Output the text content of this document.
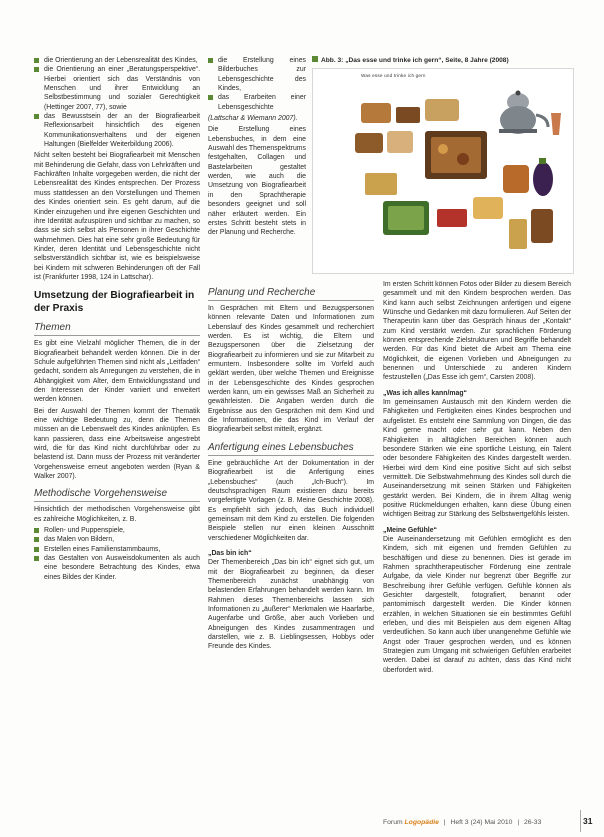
die Orientierung an der Lebensrealität des Kindes,
die Orientierung an einer „Beratungsperspektive“. Hierbei orientiert sich das Verständnis von Menschen und ihrer Entwicklung an Selbstbestimmung und sozialer Gerechtigkeit (Hettinger 2007, 77), sowie
das Bewusstsein der an der Biografiearbeit Reflexionsarbeit hinsichtlich des eigenen Kommunikationsverhaltens und der eigenen Haltungen (Bielfelder Weiterbildung 2006).

Nicht selten besteht bei Biografiearbeit mit Menschen mit Behinderung die Gefahr, dass von Lehrkräften und Fachkräften Inhalte vorgegeben werden, die nicht der Lebensrealität des Kindes entsprechen. Der Prozess muss stattdessen an den Vorstellungen und Themen des Kindes orientiert sein. Es geht darum, auf die Kinder einzugehen und ihre eigenen Geschichten und ihre Identität aufzuspüren und sichtbar zu machen, so dass sie sich selbst als Personen in ihrer Geschichte wahrnehmen. Dies hat eine sehr große Bedeutung für Kinder, deren Identität und Lebensgeschichte nicht selbstverständlich sichtbar ist, wie es beispielsweise bei Kindern mit schweren Behinderungen oft der Fall ist (Frankfurter 1998, 124 in Lattschar).

Umsetzung der Biografiearbeit in der Praxis
Themen

Es gibt eine Vielzahl möglicher Themen, die in der Biografiearbeit behandelt werden können. Die in der Schule aufgeführten Themen sind nicht als „Leitfaden“ gedacht, sondern als Anregungen zu verstehen, die in Abhängigkeit vom Alter, dem Entwicklungsstand und den Interessen der Kinder variiert und erweitert werden können.

Bei der Auswahl der Themen kommt der Thematik eine wichtige Bedeutung zu, denn die Themen müssen an die Lebenswelt des Kindes anknüpfen. Es kann passieren, dass eine Arbeitsweise angestrebt wird, die für das Kind nicht durchführbar oder zu belastend ist. Dann muss der Prozess mit veränderter Vorgehensweise erneut angeboten werden (Ryan & Walker 2007).

Methodische Vorgehensweise

Hinsichtlich der methodischen Vorgehensweise gibt es zahlreiche Möglichkeiten, z. B.

Rollen- und Puppenspiele,
das Malen von Bildern,
Erstellen eines Familienstammbaums,
das Gestalten von Ausweisdokumenten als auch eine besondere Betrachtung des Kindes, etwa eines Bildes der Kinder.
die Erstellung eines Bilderbuches zur Lebensgeschichte des Kindes,
das Erarbeiten einer Lebensgeschichte

(Lattschar & Wiemann 2007).

Die Erstellung eines Lebensbuches, in dem eine Auswahl des Themenspektrums festgehalten, Collagen und Bastelarbeiten gestaltet werden, wie auch die Umsetzung von Biografiearbeit in den Sprachtherapie besonders geeignet und soll näher erläutert werden. Ein erstes Schritt besteht stets in der Planung und Recherche.

Abb. 3: „Das esse und trinke ich gern“, Seite, 8 Jahre (2008)
Was esse und trinke ich gern
Planung und Recherche

In Gesprächen mit Eltern und Bezugspersonen können relevante Daten und Informationen zum Lebenslauf des Kindes gesammelt und recherchiert werden. Es ist wichtig, die Eltern und Bezugspersonen über die Zielsetzung der Biografiearbeit zu informieren und sie zur Mitarbeit zu ermuntern. Insbesondere sollte im Vorfeld auch geklärt werden, über welche Themen und Ereignisse in der Lebensgeschichte des Kindes gesprochen werden kann, um ein gewisses Maß an Sicherheit zu gewährleisten. Die Angaben werden durch die Ergebnisse aus den Gesprächen mit dem Kind und die Informationen, die das Kind im Verlauf der Biografiearbeit selbst mitteilt, ergänzt.

Anfertigung eines Lebensbuches

Eine gebräuchliche Art der Dokumentation in der Biografiearbeit ist die Anfertigung eines „Lebensbuches“ (auch „Ich-Buch“). Im deutschsprachigen Raum existieren dazu bereits vorgefertigte Vorlagen (z. B. Meine Geschichte 2008). Es empfiehlt sich jedoch, das Buch individuell gemeinsam mit dem Kind zu erstellen. Die folgenden Beispiele stellen nur einen kleinen Ausschnitt verschiedener Möglichkeiten dar.

„Das bin ich“

Der Themenbereich „Das bin ich“ eignet sich gut, um mit der Biografiearbeit zu beginnen, da dieser Themenbereich zunächst unabhängig von belastenden Erfahrungen behandelt werden kann. Im Rahmen dieses Themenbereichs lassen sich Informationen zu „äußerer“ Merkmalen wie Haarfarbe, Augenfarbe und Größe, aber auch Vorlieben und Abneigungen des Kindes zusammentragen und darstellen, wie z. B. Lieblingsessen, Hobbys oder Freunde des Kindes.

Im ersten Schritt können Fotos oder Bilder zu diesem Bereich gesammelt und mit den Kindern besprochen werden. Das Kind kann auch selbst Zeichnungen anfertigen und eigene Wünsche und Gedanken mit dazu formulieren. Auf Seiten der Therapeutin kann über das Gespräch hinaus der „Kontakt“ zum Kind verstärkt werden. Zur sprachlichen Förderung können entsprechende Zielstrukturen und Begriffe behandelt werden. Für das Kind bietet die Arbeit am Thema eine Möglichkeit, die eigenen Vorlieben und Abneigungen zu benennen und Unterschiede zu anderen Kindern festzustellen („Das Esse ich gern“, Carsten 2008).

„Was ich alles kann/mag“

Im gemeinsamen Austausch mit den Kindern werden die Fähigkeiten und Fertigkeiten eines Kindes besprochen und aufgelistet. Es entsteht eine Sammlung von Dingen, die das Kind gerne macht oder sehr gut kann. Neben den Fähigkeiten in alltäglichen Bereichen können auch besondere Stärken wie eine sportliche Leistung, ein Talent oder besondere Fähigkeiten des Kindes dargestellt werden. Hierbei wird dem Kind eine positive Sicht auf sich selbst vermittelt. Die Selbstwahrnehmung des Kindes soll durch die Auseinandersetzung mit seinen Stärken und Fähigkeiten gestärkt werden. Bei Kindern, die in ihrem Alltag wenig positive Rückmeldungen erhalten, kann diese Übung einen wichtigen Beitrag zur Stärkung des Selbstwertgefühls leisten.

„Meine Gefühle“

Die Auseinandersetzung mit Gefühlen ermöglicht es den Kindern, sich mit eigenen und fremden Gefühlen zu beschäftigen und diese zu benennen. Dies ist gerade im Rahmen sprachtherapeutischer Förderung eine zentrale Aufgabe, da viele Kinder nur begrenzt über Begriffe zur Beschreibung ihrer Gefühle verfügen. Gefühle können als Gesichter dargestellt, fotografiert, benannt oder pantomimisch dargestellt werden. Die Kinder können erzählen, in welchen Situationen sie ein bestimmtes Gefühl erleben, und dies mit Beispielen aus dem eigenen Alltag verdeutlichen. So kann auch über unangenehme Gefühle wie Angst oder Trauer gesprochen werden, und es können Strategien zum Umgang mit schwierigen Gefühlen erarbeitet werden. Dabei ist darauf zu achten, dass das Kind nicht überfordert wird.

Forum Logopädie | Heft 3 (24) Mai 2010 | 26-33	31
